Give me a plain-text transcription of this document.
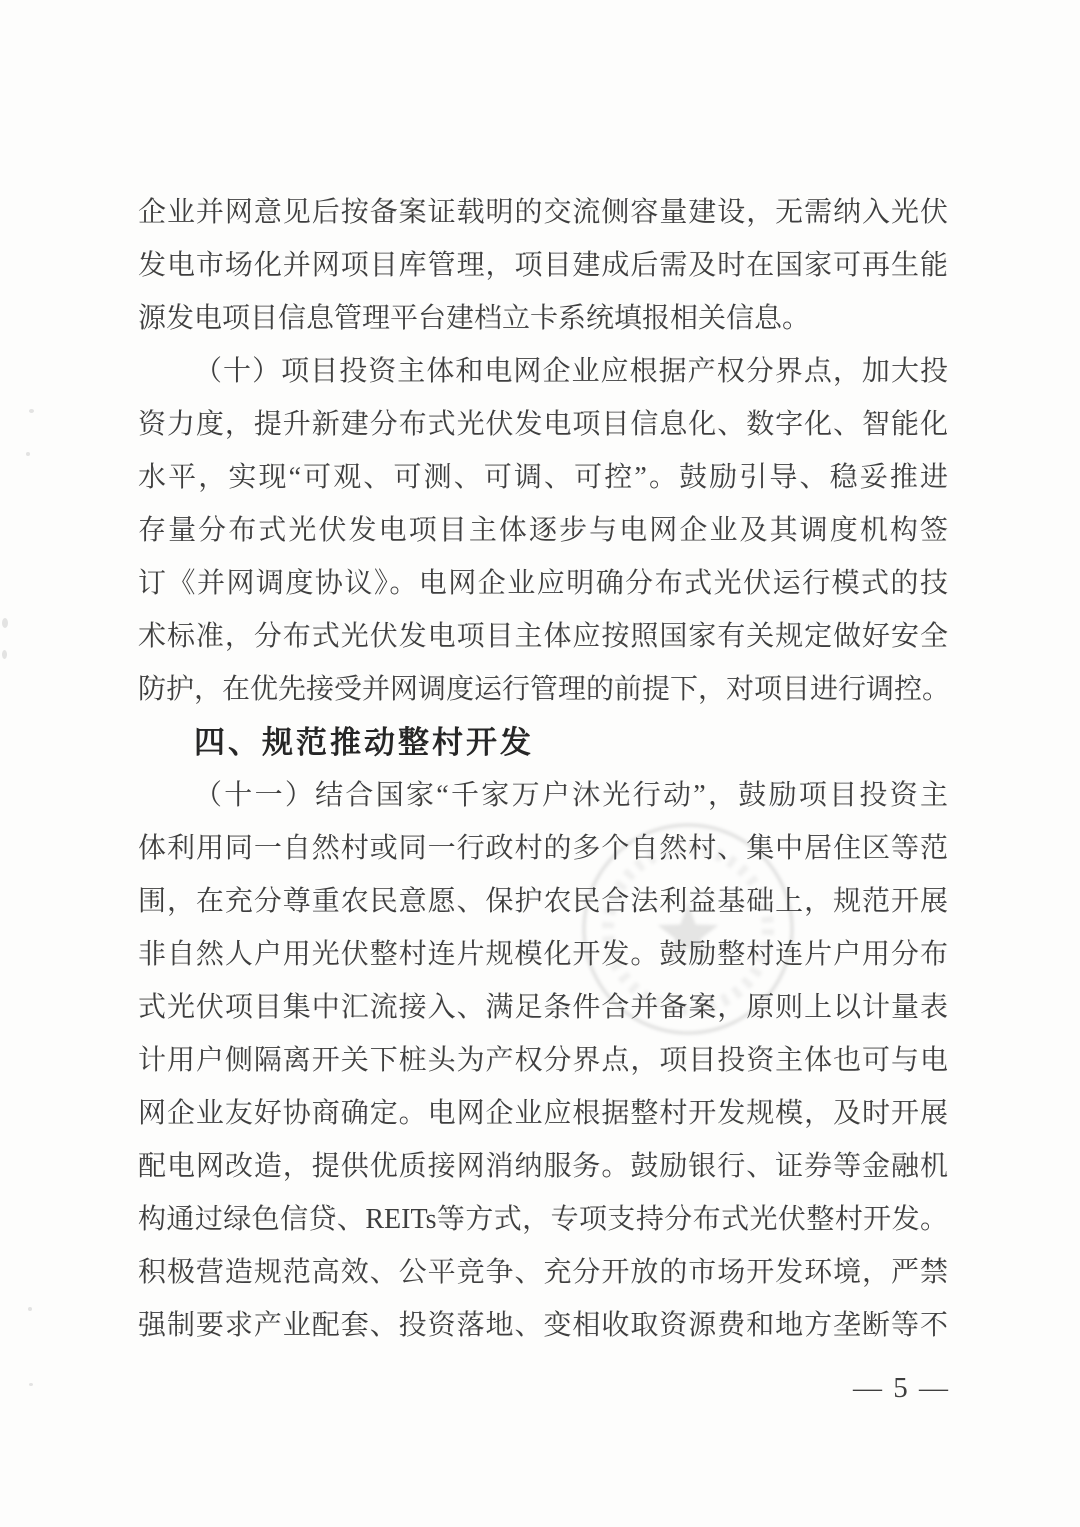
企业并网意见后按备案证载明的交流侧容量建设，无需纳入光伏
发电市场化并网项目库管理，项目建成后需及时在国家可再生能
源发电项目信息管理平台建档立卡系统填报相关信息。
（十）项目投资主体和电网企业应根据产权分界点，加大投
资力度，提升新建分布式光伏发电项目信息化、数字化、智能化
水平，实现“可观、可测、可调、可控”。鼓励引导、稳妥推进
存量分布式光伏发电项目主体逐步与电网企业及其调度机构签
订《并网调度协议》。电网企业应明确分布式光伏运行模式的技
术标准，分布式光伏发电项目主体应按照国家有关规定做好安全
防护，在优先接受并网调度运行管理的前提下，对项目进行调控。
四、规范推动整村开发
（十一）结合国家“千家万户沐光行动”，鼓励项目投资主
体利用同一自然村或同一行政村的多个自然村、集中居住区等范
围，在充分尊重农民意愿、保护农民合法利益基础上，规范开展
非自然人户用光伏整村连片规模化开发。鼓励整村连片户用分布
式光伏项目集中汇流接入、满足条件合并备案，原则上以计量表
计用户侧隔离开关下桩头为产权分界点，项目投资主体也可与电
网企业友好协商确定。电网企业应根据整村开发规模，及时开展
配电网改造，提供优质接网消纳服务。鼓励银行、证券等金融机
构通过绿色信贷、REITs等方式，专项支持分布式光伏整村开发。
积极营造规范高效、公平竞争、充分开放的市场开发环境，严禁
强制要求产业配套、投资落地、变相收取资源费和地方垄断等不
— 5 —
